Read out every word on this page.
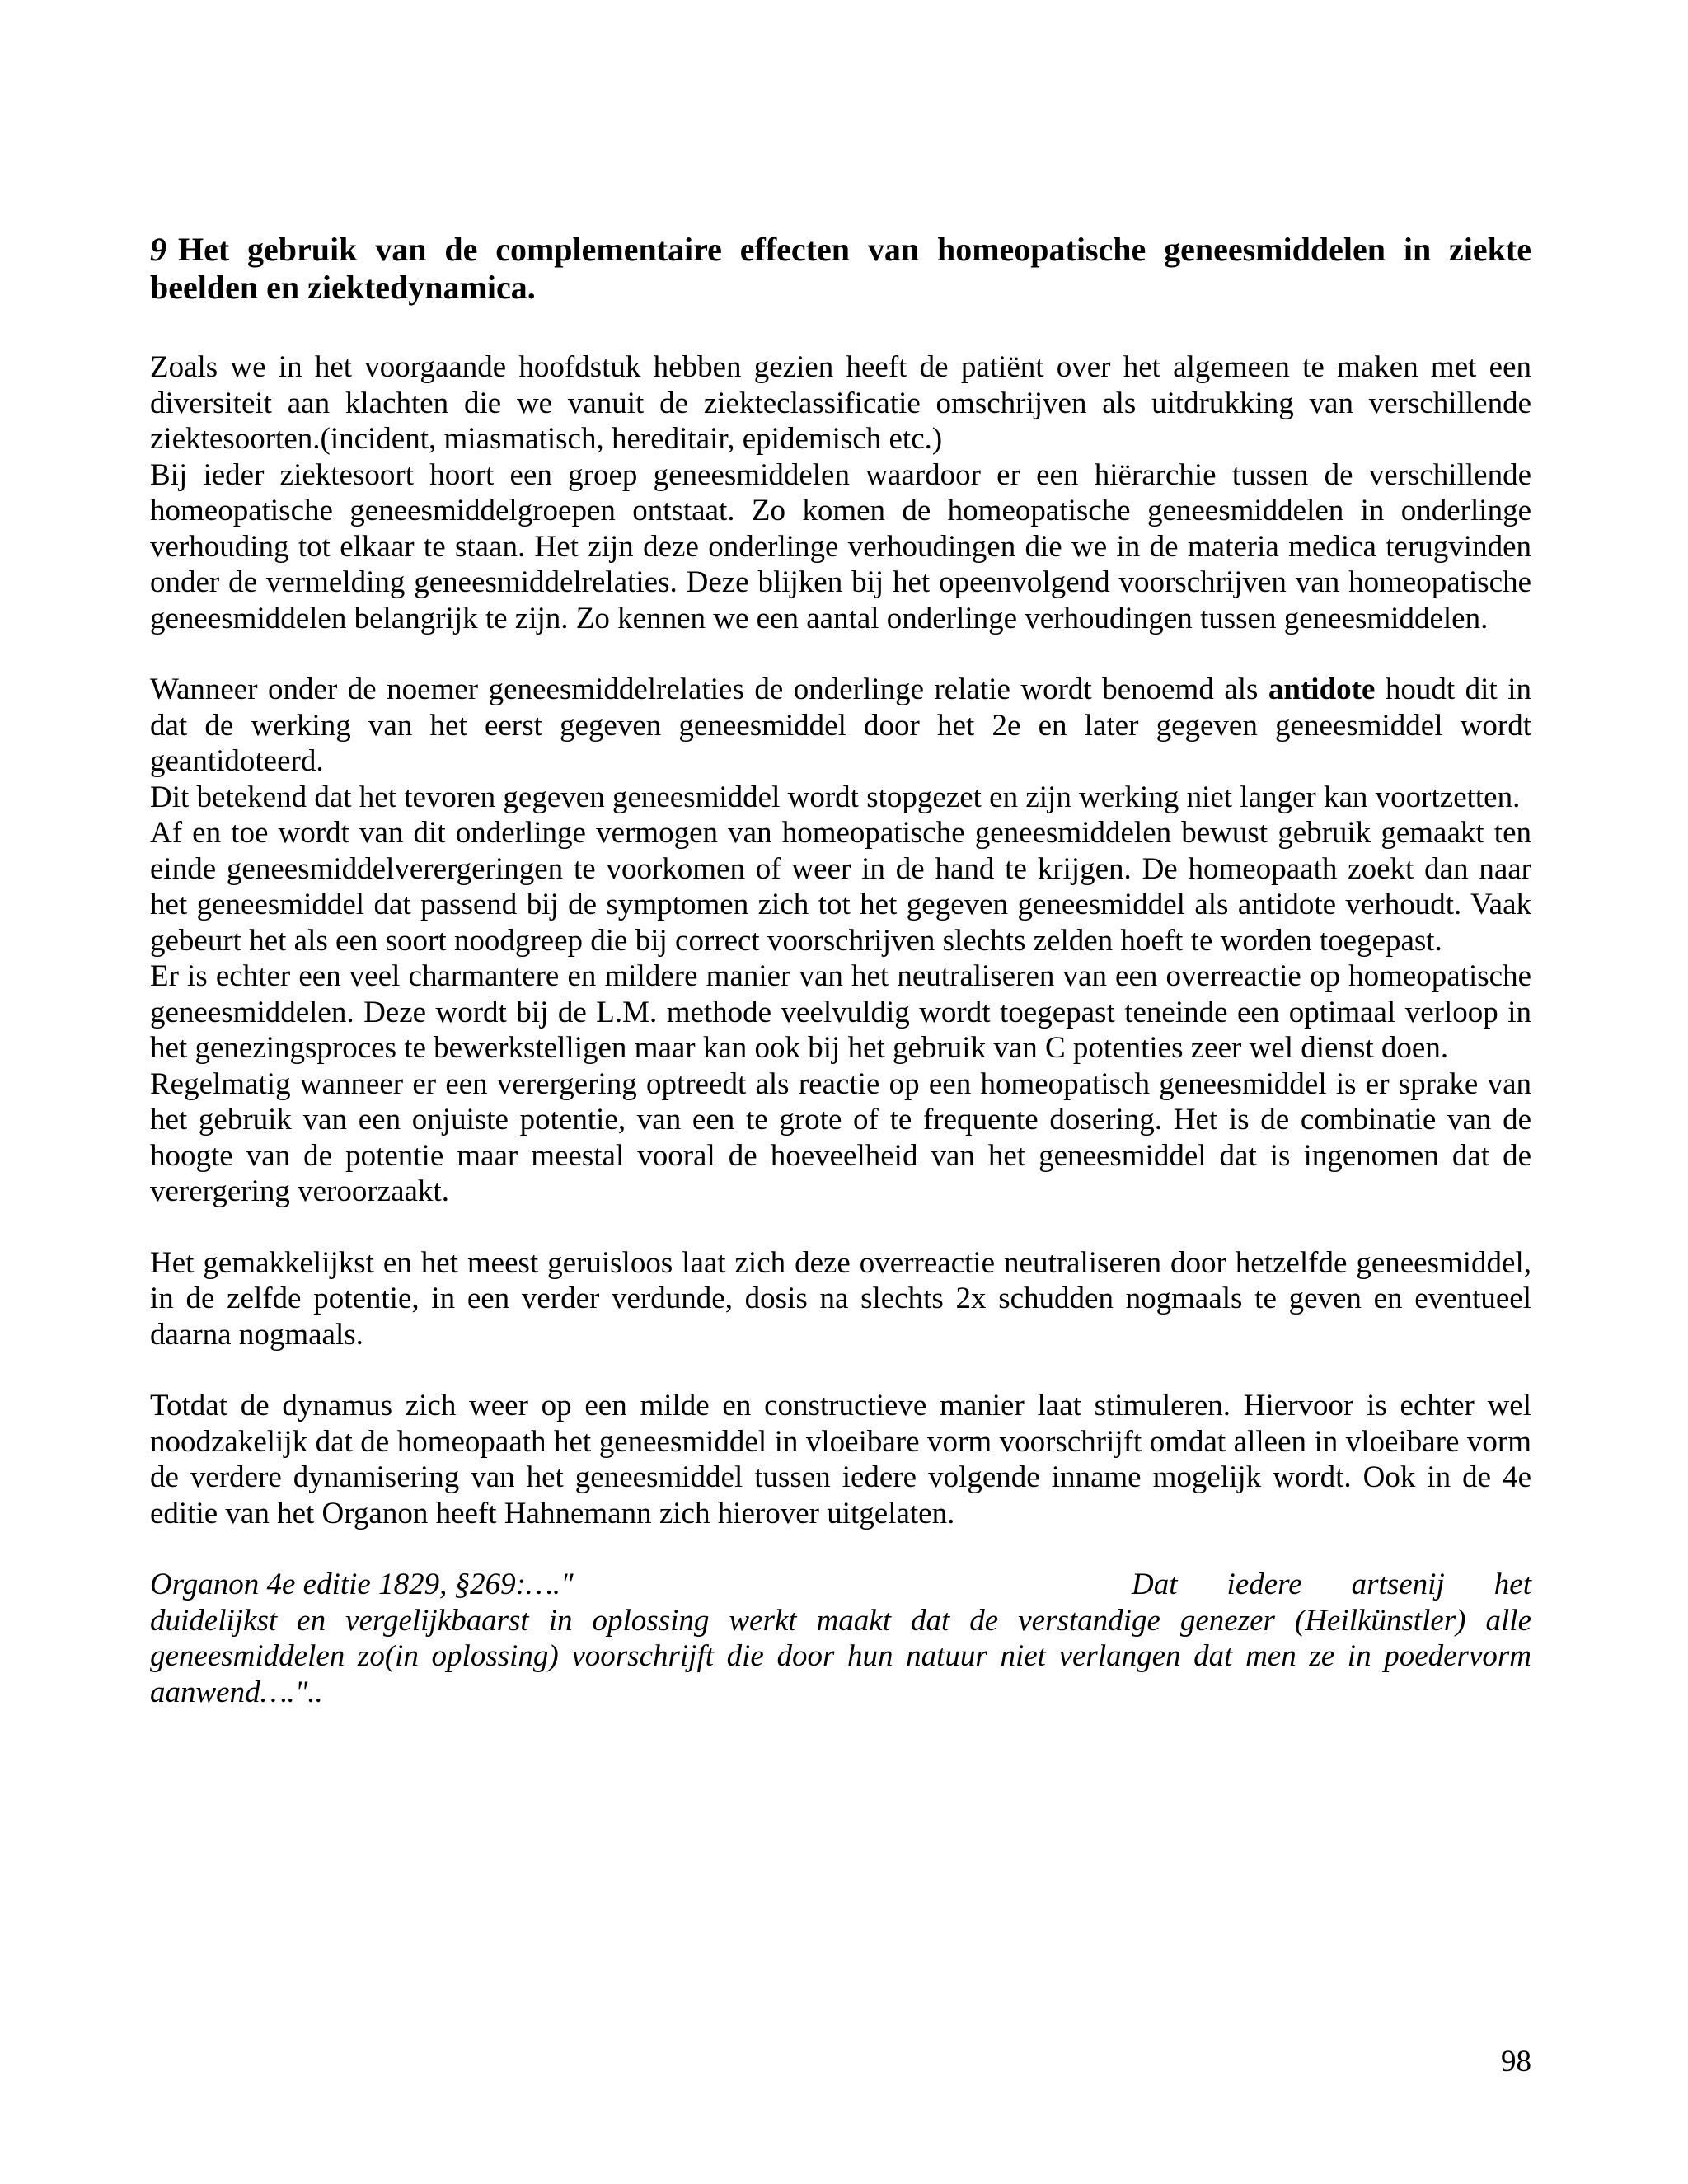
9 Het gebruik van de complementaire effecten van homeopatische geneesmiddelen in ziekte beelden en ziektedynamica.

Zoals we in het voorgaande hoofdstuk hebben gezien heeft de patiënt over het algemeen te maken met een diversiteit aan klachten die we vanuit de ziekteclassificatie omschrijven als uitdrukking van verschillende ziektesoorten.(incident, miasmatisch, hereditair, epidemisch etc.)

Bij ieder ziektesoort hoort een groep geneesmiddelen waardoor er een hiërarchie tussen de verschillende homeopatische geneesmiddelgroepen ontstaat. Zo komen de homeopatische geneesmiddelen in onderlinge verhouding tot elkaar te staan. Het zijn deze onderlinge verhoudingen die we in de materia medica terugvinden onder de vermelding geneesmiddelrelaties. Deze blijken bij het opeenvolgend voorschrijven van homeopatische geneesmiddelen belangrijk te zijn. Zo kennen we een aantal onderlinge verhoudingen tussen geneesmiddelen.

Wanneer onder de noemer geneesmiddelrelaties de onderlinge relatie wordt benoemd als antidote houdt dit in dat de werking van het eerst gegeven geneesmiddel door het 2e en later gegeven geneesmiddel wordt geantidoteerd.

Dit betekend dat het tevoren gegeven geneesmiddel wordt stopgezet en zijn werking niet langer kan voortzetten.

Af en toe wordt van dit onderlinge vermogen van homeopatische geneesmiddelen bewust gebruik gemaakt ten einde geneesmiddelverergeringen te voorkomen of weer in de hand te krijgen. De homeopaath zoekt dan naar het geneesmiddel dat passend bij de symptomen zich tot het gegeven geneesmiddel als antidote verhoudt. Vaak gebeurt het als een soort noodgreep die bij correct voorschrijven slechts zelden hoeft te worden toegepast.

Er is echter een veel charmantere en mildere manier van het neutraliseren van een overreactie op homeopatische geneesmiddelen. Deze wordt bij de L.M. methode veelvuldig wordt toegepast teneinde een optimaal verloop in het genezingsproces te bewerkstelligen maar kan ook bij het gebruik van C potenties zeer wel dienst doen.

Regelmatig wanneer er een verergering optreedt als reactie op een homeopatisch geneesmiddel is er sprake van het gebruik van een onjuiste potentie, van een te grote of te frequente dosering. Het is de combinatie van de hoogte van de potentie maar meestal vooral de hoeveelheid van het geneesmiddel dat is ingenomen dat de verergering veroorzaakt.

Het gemakkelijkst en het meest geruisloos laat zich deze overreactie neutraliseren door hetzelfde geneesmiddel, in de zelfde potentie, in een verder verdunde, dosis na slechts 2x schudden nogmaals te geven en eventueel daarna nogmaals.

Totdat de dynamus zich weer op een milde en constructieve manier laat stimuleren. Hiervoor is echter wel noodzakelijk dat de homeopaath het geneesmiddel in vloeibare vorm voorschrijft omdat alleen in vloeibare vorm de verdere dynamisering van het geneesmiddel tussen iedere volgende inname mogelijk wordt. Ook in de 4e editie van het Organon heeft Hahnemann zich hierover uitgelaten.

Organon 4e editie 1829, §269:…."	Dat iedere artsenij het

duidelijkst en vergelijkbaarst in oplossing werkt maakt dat de verstandige genezer (Heilkünstler) alle geneesmiddelen zo(in oplossing) voorschrijft die door hun natuur niet verlangen dat men ze in poedervorm aanwend…."..

98
